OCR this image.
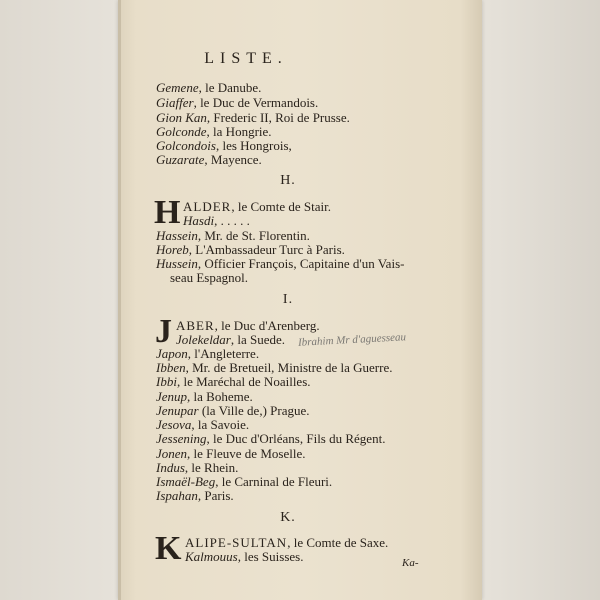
LISTE.
Gemene, le Danube.
Giaffer, le Duc de Vermandois.
Gion Kan, Frederic II, Roi de Prusse.
Golconde, la Hongrie.
Golcondois, les Hongrois,
Guzarate, Mayence.
H.
H ALDER, le Comte de Stair.
Hasdi, . . . . .
Hassein, Mr. de St. Florentin.
Horeb, L'Ambassadeur Turc à Paris.
Hussein, Officier François, Capitaine d'un Vais-
seau Espagnol.
I.
J ABER, le Duc d'Arenberg.
Jolekeldar, la Suede. Ibrahim Mr d'aguesseau
Japon, l'Angleterre.
Ibben, Mr. de Bretueil, Ministre de la Guerre.
Ibbi, le Maréchal de Noailles.
Jenup, la Boheme.
Jenupar (la Ville de,) Prague.
Jesova, la Savoie.
Jessening, le Duc d'Orléans, Fils du Régent.
Jonen, le Fleuve de Moselle.
Indus, le Rhein.
Ismaël-Beg, le Carninal de Fleuri.
Ispahan, Paris.
K.
K ALIPE-SULTAN, le Comte de Saxe.
Kalmouus, les Suisses.	Ka-
